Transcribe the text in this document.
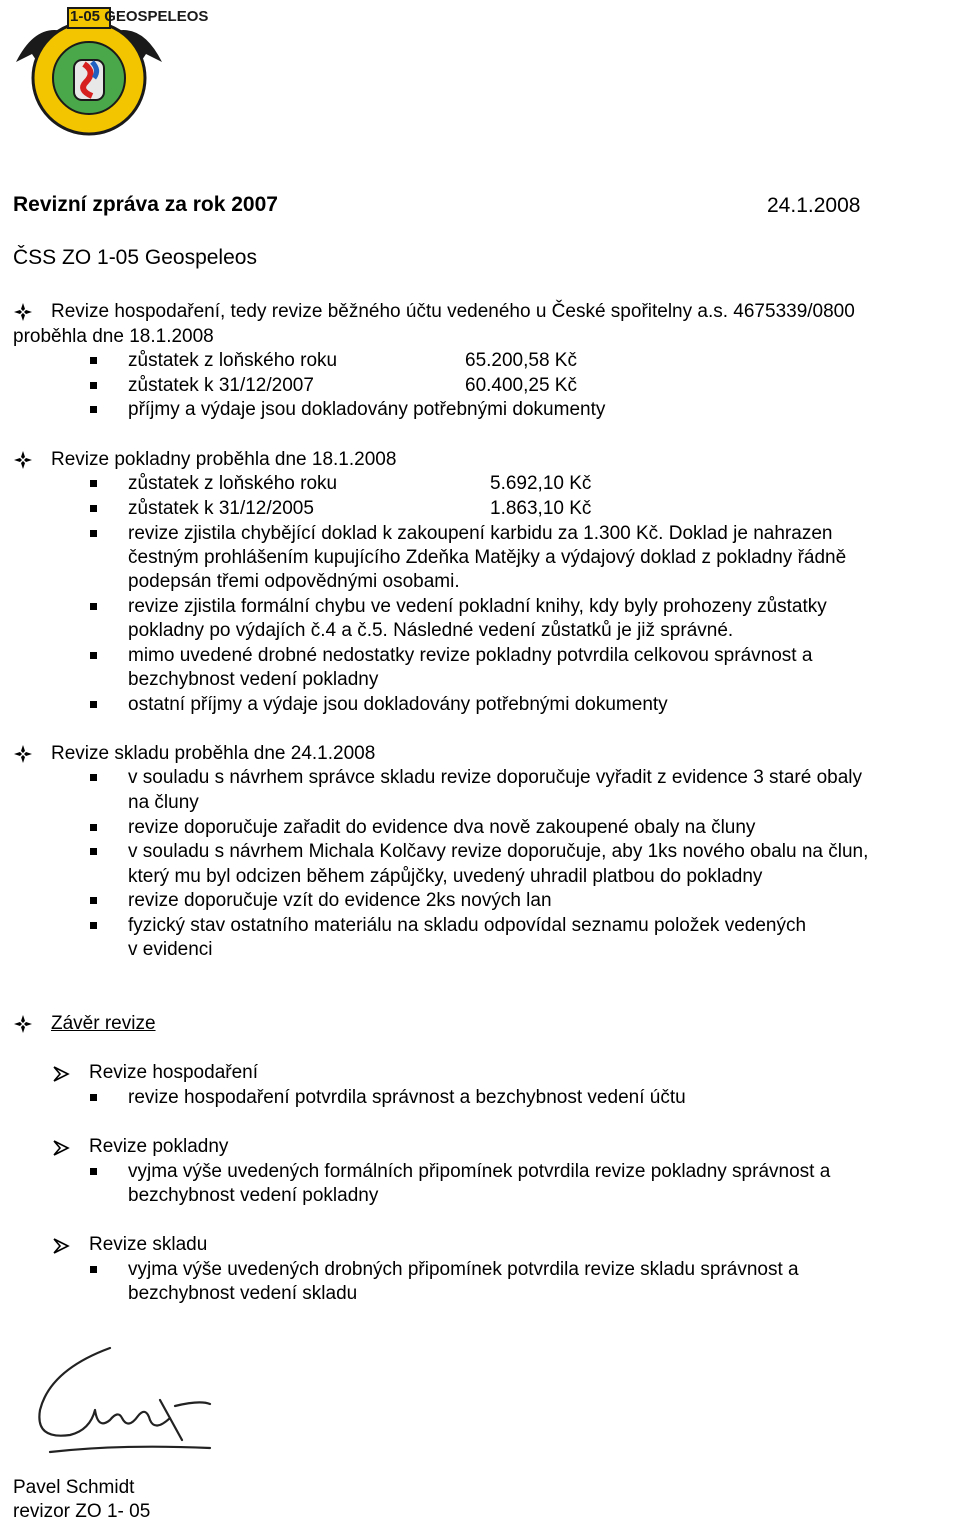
1-05 GEOSPELEOS
Revizní zpráva za rok 2007	24.1.2008
ČSS ZO 1-05 Geospeleos
Revize hospodaření, tedy revize běžného účtu vedeného u České spořitelny a.s. 4675339/0800
proběhla dne 18.1.2008
zůstatek z loňského roku	65.200,58 Kč
zůstatek k 31/12/2007	60.400,25 Kč
příjmy a výdaje jsou dokladovány potřebnými dokumenty
Revize pokladny proběhla dne 18.1.2008
zůstatek z loňského roku	5.692,10 Kč
zůstatek k 31/12/2005	1.863,10 Kč
revize zjistila chybějící doklad k zakoupení karbidu za 1.300 Kč. Doklad je nahrazen
čestným prohlášením kupujícího Zdeňka Matějky a výdajový doklad z pokladny řádně
podepsán třemi odpovědnými osobami.
revize zjistila formální chybu ve vedení pokladní knihy, kdy byly prohozeny zůstatky
pokladny po výdajích č.4 a č.5. Následné vedení zůstatků je již správné.
mimo uvedené drobné nedostatky revize pokladny potvrdila celkovou správnost a
bezchybnost vedení pokladny
ostatní příjmy a výdaje jsou dokladovány potřebnými dokumenty
Revize skladu proběhla dne 24.1.2008
v souladu s návrhem správce skladu revize doporučuje vyřadit z evidence 3 staré obaly
na čluny
revize doporučuje zařadit do evidence dva nově zakoupené obaly na čluny
v souladu s návrhem Michala Kolčavy revize doporučuje, aby 1ks nového obalu na člun,
který mu byl odcizen během zápůjčky, uvedený uhradil platbou do pokladny
revize doporučuje vzít do evidence 2ks nových lan
fyzický stav ostatního materiálu na skladu odpovídal seznamu položek vedených
v evidenci
Závěr revize
Revize hospodaření
revize hospodaření potvrdila správnost a bezchybnost vedení účtu
Revize pokladny
vyjma výše uvedených formálních připomínek potvrdila revize pokladny správnost a
bezchybnost vedení pokladny
Revize skladu
vyjma výše uvedených drobných připomínek potvrdila revize skladu správnost a
bezchybnost vedení skladu
Pavel Schmidt
revizor ZO 1- 05
